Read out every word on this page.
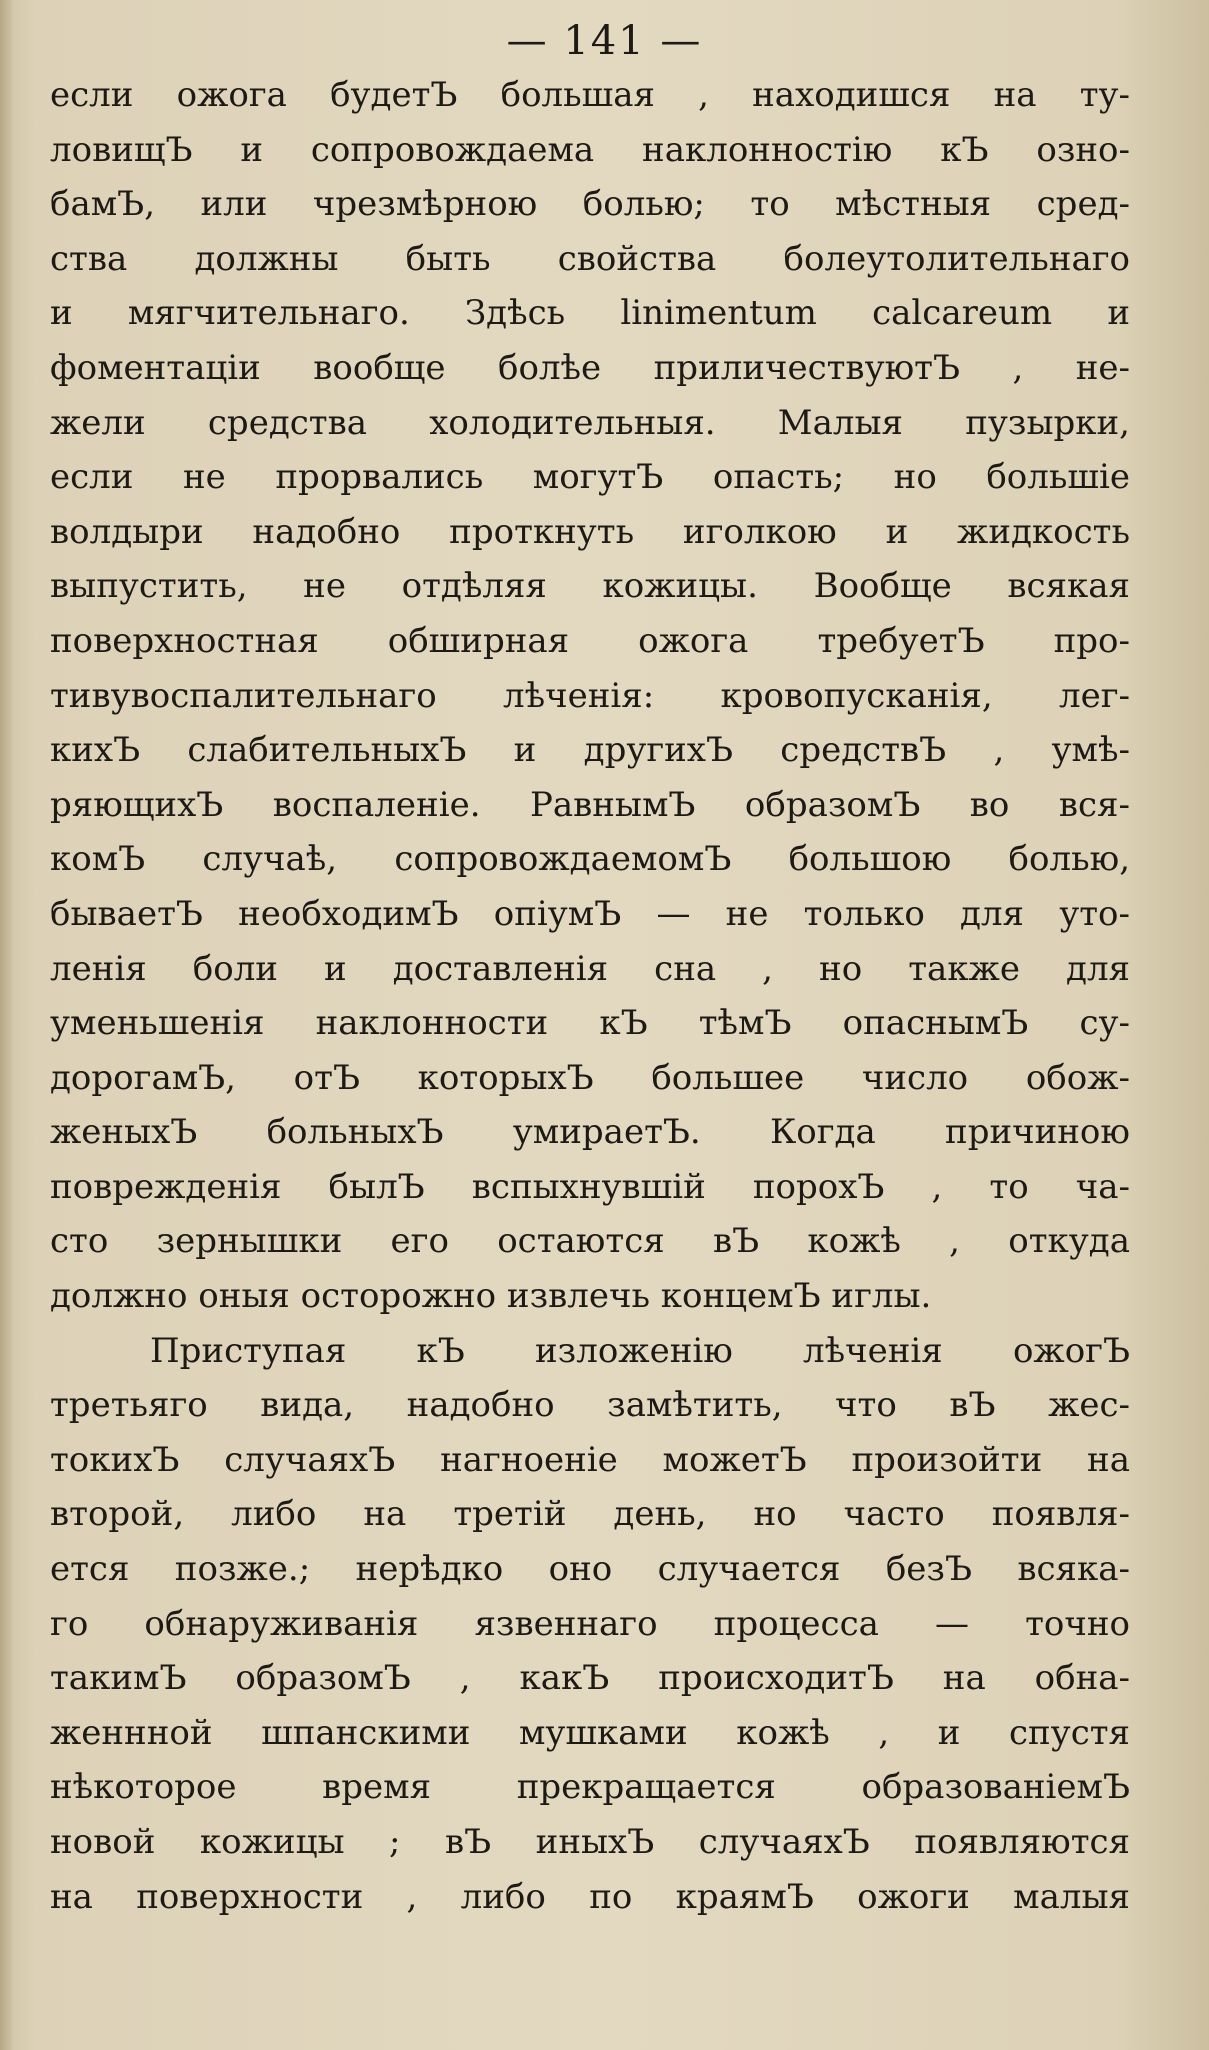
— 141 —
если ожога будетЪ большая , находишся на ту-
ловищЪ и сопровождаема наклонностію кЪ озно-
бамЪ, или чрезмѣрною болью; то мѣстныя сред-
ства должны быть свойства болеутолительнаго
и мягчительнаго. Здѣсь linimentum calcareum и
фоментаціи вообще болѣе приличествуютЪ , не-
жели средства холодительныя. Малыя пузырки,
если не прорвались могутЪ опасть; но большіе
волдыри надобно проткнуть иголкою и жидкость
выпустить, не отдѣляя кожицы. Вообще всякая
поверхностная обширная ожога требуетЪ про-
тивувоспалительнаго лѣченія: кровопусканія, лег-
кихЪ слабительныхЪ и другихЪ средствЪ , умѣ-
ряющихЪ воспаленіе. РавнымЪ образомЪ во вся-
комЪ случаѣ, сопровождаемомЪ большою болью,
бываетЪ необходимЪ опіумЪ — не только для уто-
ленія боли и доставленія сна , но также для
уменьшенія наклонности кЪ тѣмЪ опаснымЪ су-
дорогамЪ, отЪ которыхЪ большее число обож-
женыхЪ больныхЪ умираетЪ. Когда причиною
поврежденія былЪ вспыхнувшій порохЪ , то ча-
сто зернышки его остаются вЪ кожѣ , откуда
должно оныя осторожно извлечь концемЪ иглы.
Приступая кЪ изложенію лѣченія ожогЪ
третьяго вида, надобно замѣтить, что вЪ жес-
токихЪ случаяхЪ нагноеніе можетЪ произойти на
второй, либо на третій день, но часто появля-
ется позже.; нерѣдко оно случается безЪ всяка-
го обнаруживанія язвеннаго процесса — точно
такимЪ образомЪ , какЪ происходитЪ на обна-
женнной шпанскими мушками кожѣ , и спустя
нѣкоторое время прекращается образованіемЪ
новой кожицы ; вЪ иныхЪ случаяхЪ появляются
на поверхности , либо по краямЪ ожоги малыя
